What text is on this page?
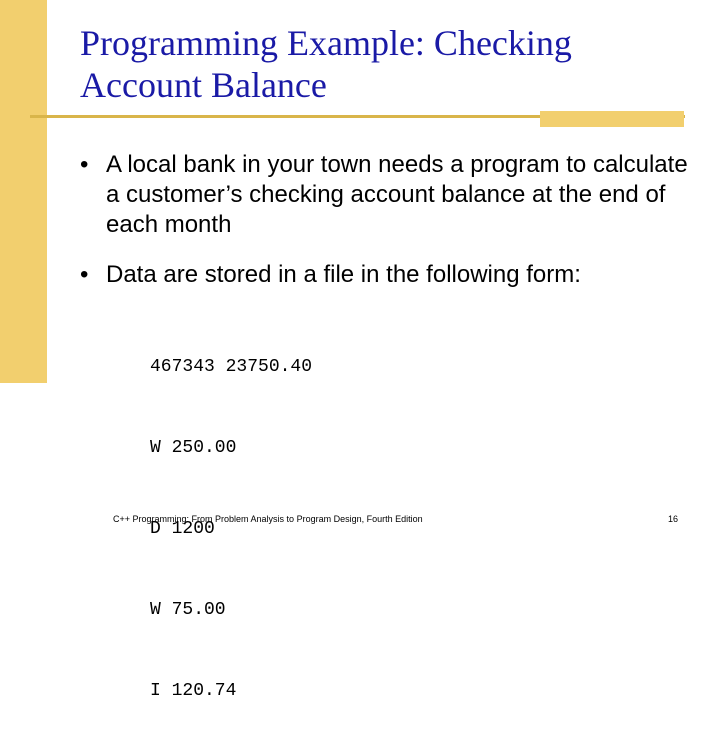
Programming Example: Checking
Account Balance
• A local bank in your town needs a program to calculate a customer’s checking account balance at the end of each month
• Data are stored in a file in the following form:

467343 23750.40

W 250.00

D 1200

W 75.00

I 120.74

C++ Programming: From Problem Analysis to Program Design, Fourth Edition	16
